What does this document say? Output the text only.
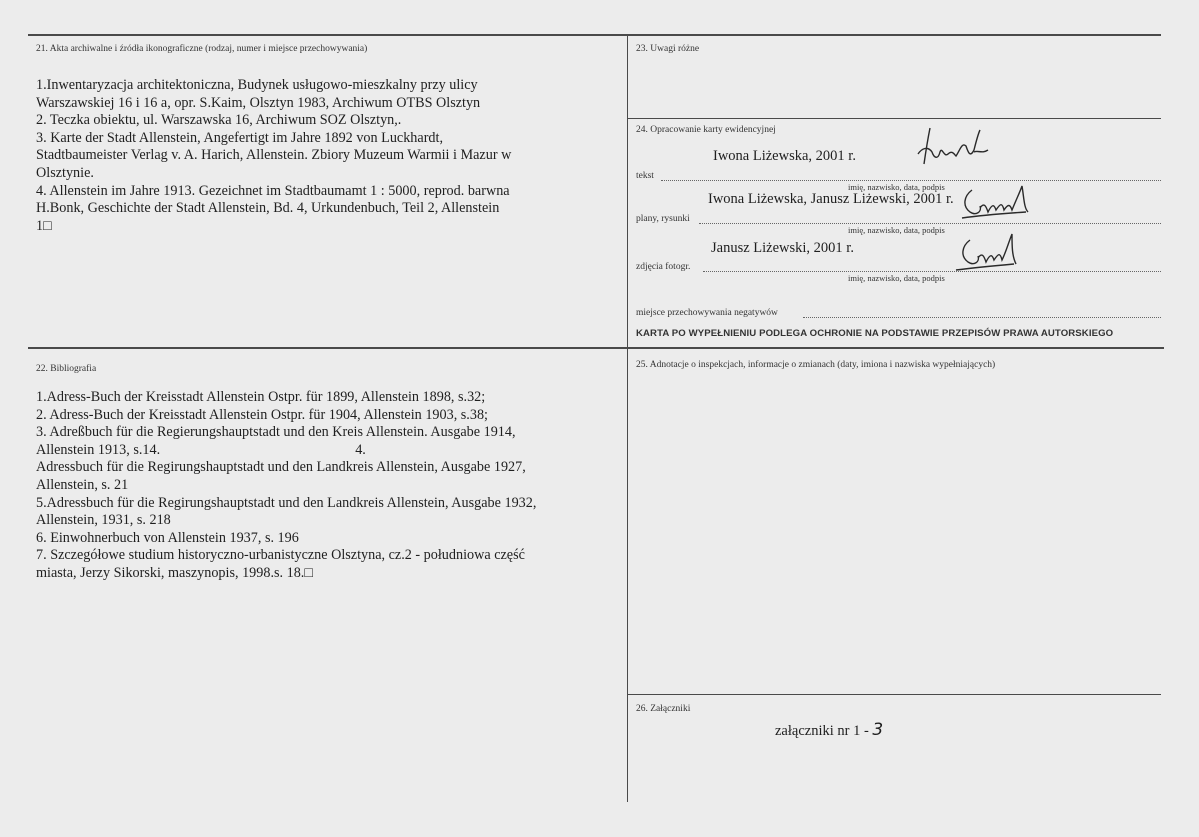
21. Akta archiwalne i źródła ikonograficzne (rodzaj, numer i miejsce przechowywania)
1.Inwentaryzacja architektoniczna, Budynek usługowo-mieszkalny przy ulicy
Warszawskiej 16 i 16 a, opr. S.Kaim, Olsztyn 1983, Archiwum OTBS Olsztyn
2. Teczka obiektu, ul. Warszawska 16, Archiwum SOZ Olsztyn,.
3. Karte der Stadt Allenstein, Angefertigt im Jahre 1892 von Luckhardt,
Stadtbaumeister Verlag v. A. Harich, Allenstein. Zbiory Muzeum Warmii i Mazur w
Olsztynie.
4. Allenstein im Jahre 1913. Gezeichnet im Stadtbaumamt 1 : 5000, reprod. barwna
H.Bonk, Geschichte der Stadt Allenstein, Bd. 4, Urkundenbuch, Teil 2, Allenstein
1□
23. Uwagi różne
24. Opracowanie karty ewidencyjnej
Iwona Liżewska, 2001 r.
tekst
imię, nazwisko, data, podpis
Iwona Liżewska, Janusz Liżewski, 2001 r.
plany, rysunki
imię, nazwisko, data, podpis
Janusz Liżewski, 2001 r.
zdjęcia fotogr.
imię, nazwisko, data, podpis
miejsce przechowywania negatywów
KARTA PO WYPEŁNIENIU PODLEGA OCHRONIE NA PODSTAWIE PRZEPISÓW PRAWA AUTORSKIEGO
22. Bibliografia
1.Adress-Buch der Kreisstadt Allenstein Ostpr. für 1899, Allenstein 1898, s.32;
2. Adress-Buch der Kreisstadt Allenstein Ostpr. für 1904, Allenstein 1903, s.38;
3. Adreßbuch für die Regierungshauptstadt und den Kreis Allenstein. Ausgabe 1914,
Allenstein 1913, s.14.                                                       4.
Adressbuch für die Regirungshauptstadt und den Landkreis Allenstein, Ausgabe 1927,
Allenstein, s. 21
5.Adressbuch für die Regirungshauptstadt und den Landkreis Allenstein, Ausgabe 1932,
Allenstein, 1931, s. 218
6. Einwohnerbuch von Allenstein 1937, s. 196
7. Szczegółowe studium historyczno-urbanistyczne Olsztyna, cz.2 - południowa część
miasta, Jerzy Sikorski, maszynopis, 1998.s. 18.□
25. Adnotacje o inspekcjach, informacje o zmianach (daty, imiona i nazwiska wypełniających)
26. Załączniki
załączniki nr 1 - 3
